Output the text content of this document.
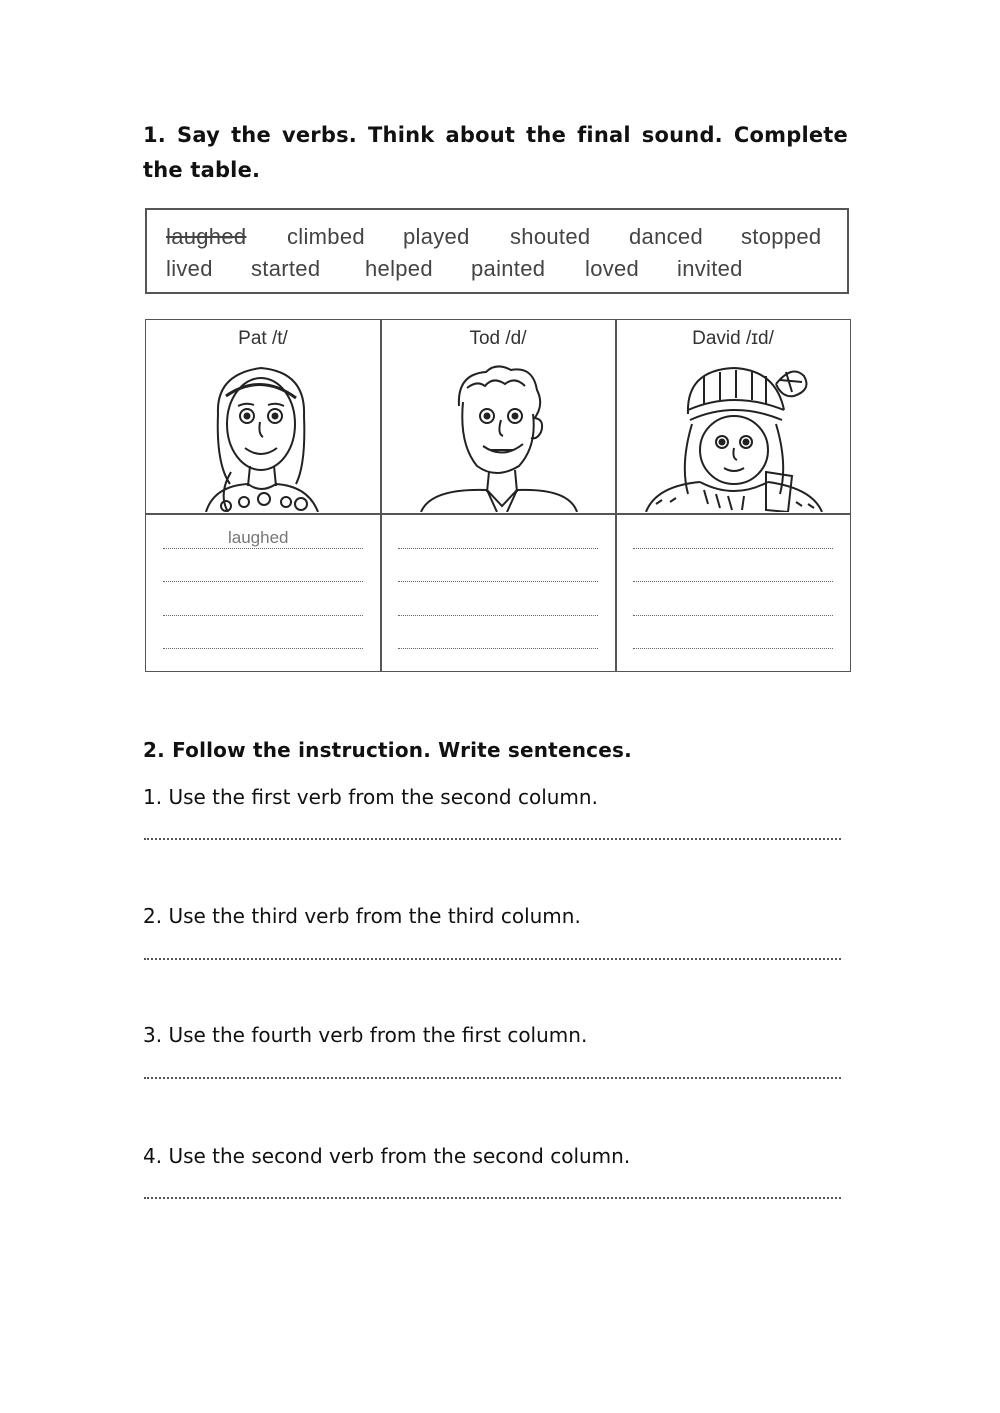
1. Say the verbs. Think about the final sound. Complete the table.
laughed climbed played shouted danced stopped
lived started helped painted loved invited
Pat /t/	Tod /d/	David /ɪd/
laughed
2. Follow the instruction. Write sentences.
1. Use the first verb from the second column.
2. Use the third verb from the third column.
3. Use the fourth verb from the first column.
4. Use the second verb from the second column.
